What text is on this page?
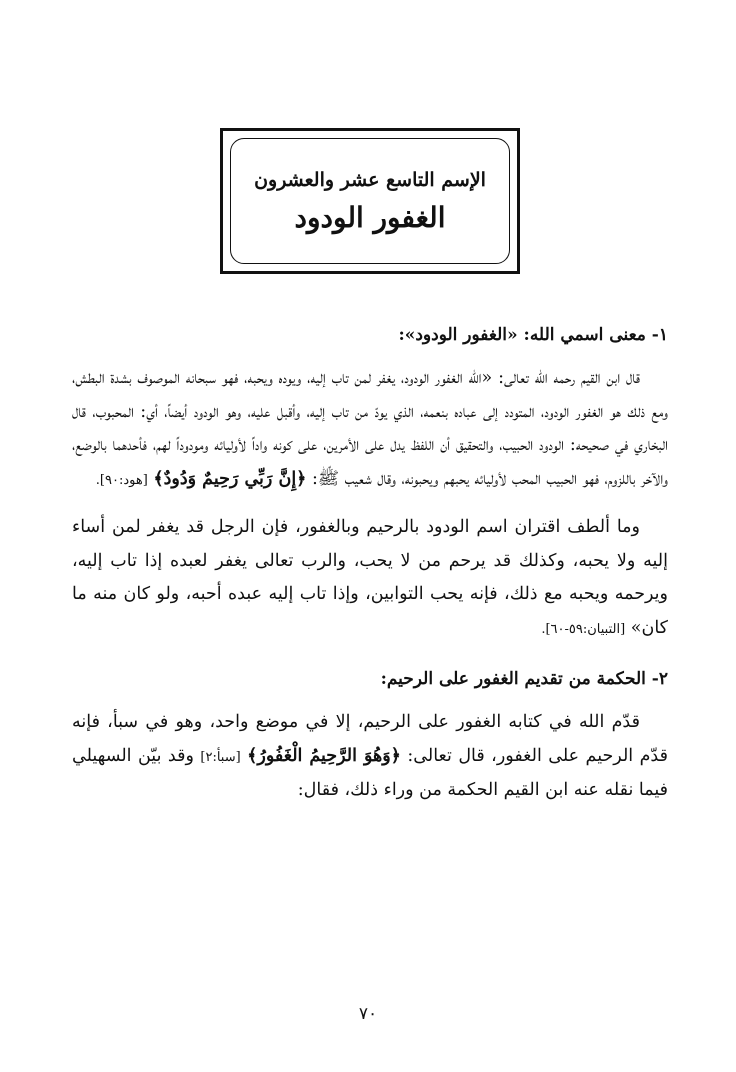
الإسم التاسع عشر والعشرون
الغفور الودود

١- معنى اسمي الله: «الغفور الودود»:

قال ابن القيم رحمه الله تعالى: «الله الغفور الودود، يغفر لمن تاب إليه، ويوده ويحبه، فهو سبحانه الموصوف بشدة البطش، ومع ذلك هو الغفور الودود، المتودد إلى عباده بنعمه، الذي يودّ من تاب إليه، وأقبل عليه، وهو الودود أيضاً، أي: المحبوب، قال البخاري في صحيحه: الودود الحبيب، والتحقيق أن اللفظ يدل على الأمرين، على كونه واداً لأوليائه ومودوداً لهم، فأحدهما بالوضع، والآخر باللزوم، فهو الحبيب المحب لأوليائه يحبهم ويحبونه، وقال شعيب ﷺ: ﴿إِنَّ رَبِّي رَحِيمٌ وَدُودٌ﴾ [هود:٩٠].

وما ألطف اقتران اسم الودود بالرحيم وبالغفور، فإن الرجل قد يغفر لمن أساء إليه ولا يحبه، وكذلك قد يرحم من لا يحب، والرب تعالى يغفر لعبده إذا تاب إليه، ويرحمه ويحبه مع ذلك، فإنه يحب التوابين، وإذا تاب إليه عبده أحبه، ولو كان منه ما كان» [التبيان:٥٩-٦٠].

٢- الحكمة من تقديم الغفور على الرحيم:

قدّم الله في كتابه الغفور على الرحيم، إلا في موضع واحد، وهو في سبأ، فإنه قدّم الرحيم على الغفور، قال تعالى: ﴿وَهُوَ الرَّحِيمُ الْغَفُورُ﴾ [سبأ:٢] وقد بيّن السهيلي فيما نقله عنه ابن القيم الحكمة من وراء ذلك، فقال:

٧٠
